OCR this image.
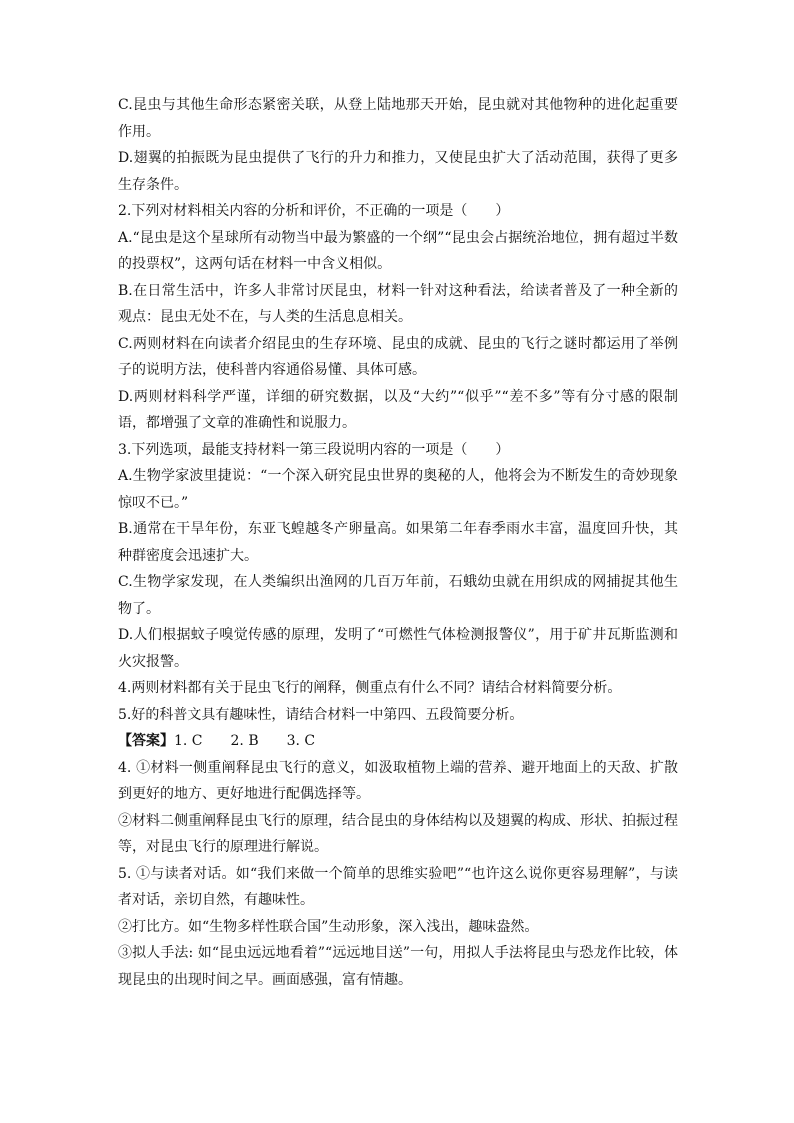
C.昆虫与其他生命形态紧密关联，从登上陆地那天开始，昆虫就对其他物种的进化起重要作用。

D.翅翼的拍振既为昆虫提供了飞行的升力和推力，又使昆虫扩大了活动范围，获得了更多生存条件。

2.下列对材料相关内容的分析和评价，不正确的一项是（　　）

A.“昆虫是这个星球所有动物当中最为繁盛的一个纲”“昆虫会占据统治地位，拥有超过半数的投票权”，这两句话在材料一中含义相似。

B.在日常生活中，许多人非常讨厌昆虫，材料一针对这种看法，给读者普及了一种全新的观点：昆虫无处不在，与人类的生活息息相关。

C.两则材料在向读者介绍昆虫的生存环境、昆虫的成就、昆虫的飞行之谜时都运用了举例子的说明方法，使科普内容通俗易懂、具体可感。

D.两则材料科学严谨，详细的研究数据，以及“大约”“似乎”“差不多”等有分寸感的限制语，都增强了文章的准确性和说服力。

3.下列选项，最能支持材料一第三段说明内容的一项是（　　）

A.生物学家波里捷说：“一个深入研究昆虫世界的奥秘的人，他将会为不断发生的奇妙现象惊叹不已。”

B.通常在干旱年份，东亚飞蝗越冬产卵量高。如果第二年春季雨水丰富，温度回升快，其种群密度会迅速扩大。

C.生物学家发现，在人类编织出渔网的几百万年前，石蛾幼虫就在用织成的网捕捉其他生物了。

D.人们根据蚊子嗅觉传感的原理，发明了“可燃性气体检测报警仪”，用于矿井瓦斯监测和火灾报警。

4.两则材料都有关于昆虫飞行的阐释，侧重点有什么不同？请结合材料简要分析。

5.好的科普文具有趣味性，请结合材料一中第四、五段简要分析。

【答案】1. C　　2. B　　3. C

4. ①材料一侧重阐释昆虫飞行的意义，如汲取植物上端的营养、避开地面上的天敌、扩散到更好的地方、更好地进行配偶选择等。

②材料二侧重阐释昆虫飞行的原理，结合昆虫的身体结构以及翅翼的构成、形状、拍振过程等，对昆虫飞行的原理进行解说。

5. ①与读者对话。如“我们来做一个简单的思维实验吧”“也许这么说你更容易理解”，与读者对话，亲切自然，有趣味性。

②打比方。如“生物多样性联合国”生动形象，深入浅出，趣味盎然。

③拟人手法: 如“昆虫远远地看着”“远远地目送”一句，用拟人手法将昆虫与恐龙作比较，体现昆虫的出现时间之早。画面感强，富有情趣。
